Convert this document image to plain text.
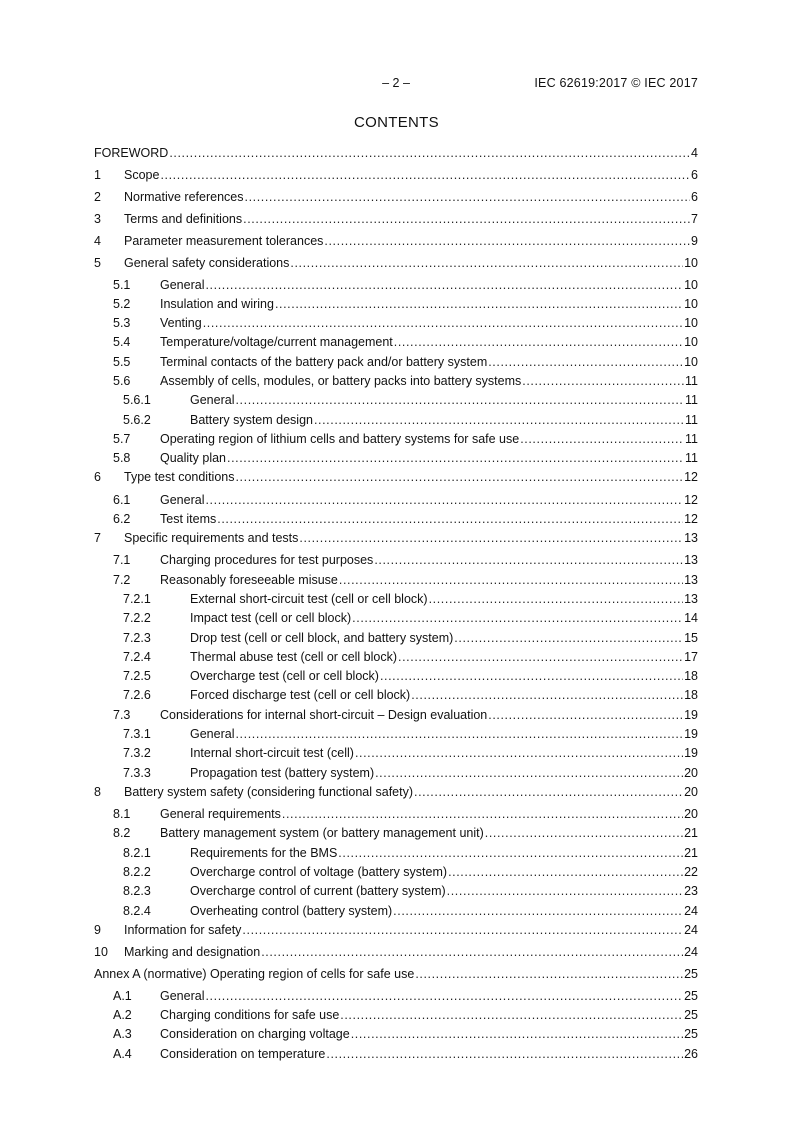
– 2 –	IEC 62619:2017 © IEC 2017
CONTENTS
FOREWORD .....	4
1	Scope .....	6
2	Normative references .....	6
3	Terms and definitions .....	7
4	Parameter measurement tolerances .....	9
5	General safety considerations .....	10
5.1	General .....	10
5.2	Insulation and wiring .....	10
5.3	Venting .....	10
5.4	Temperature/voltage/current management .....	10
5.5	Terminal contacts of the battery pack and/or battery system .....	10
5.6	Assembly of cells, modules, or battery packs into battery systems .....	11
5.6.1	General .....	11
5.6.2	Battery system design .....	11
5.7	Operating region of lithium cells and battery systems for safe use .....	11
5.8	Quality plan .....	11
6	Type test conditions .....	12
6.1	General .....	12
6.2	Test items .....	12
7	Specific requirements and tests .....	13
7.1	Charging procedures for test purposes .....	13
7.2	Reasonably foreseeable misuse .....	13
7.2.1	External short-circuit test (cell or cell block) .....	13
7.2.2	Impact test (cell or cell block) .....	14
7.2.3	Drop test (cell or cell block, and battery system) .....	15
7.2.4	Thermal abuse test (cell or cell block) .....	17
7.2.5	Overcharge test (cell or cell block) .....	18
7.2.6	Forced discharge test (cell or cell block) .....	18
7.3	Considerations for internal short-circuit – Design evaluation .....	19
7.3.1	General .....	19
7.3.2	Internal short-circuit test (cell) .....	19
7.3.3	Propagation test (battery system) .....	20
8	Battery system safety (considering functional safety) .....	20
8.1	General requirements .....	20
8.2	Battery management system (or battery management unit) .....	21
8.2.1	Requirements for the BMS .....	21
8.2.2	Overcharge control of voltage (battery system) .....	22
8.2.3	Overcharge control of current (battery system) .....	23
8.2.4	Overheating control (battery system) .....	24
9	Information for safety .....	24
10	Marking and designation .....	24
Annex A (normative) Operating region of cells for safe use .....	25
A.1	General .....	25
A.2	Charging conditions for safe use .....	25
A.3	Consideration on charging voltage .....	25
A.4	Consideration on temperature .....	26
